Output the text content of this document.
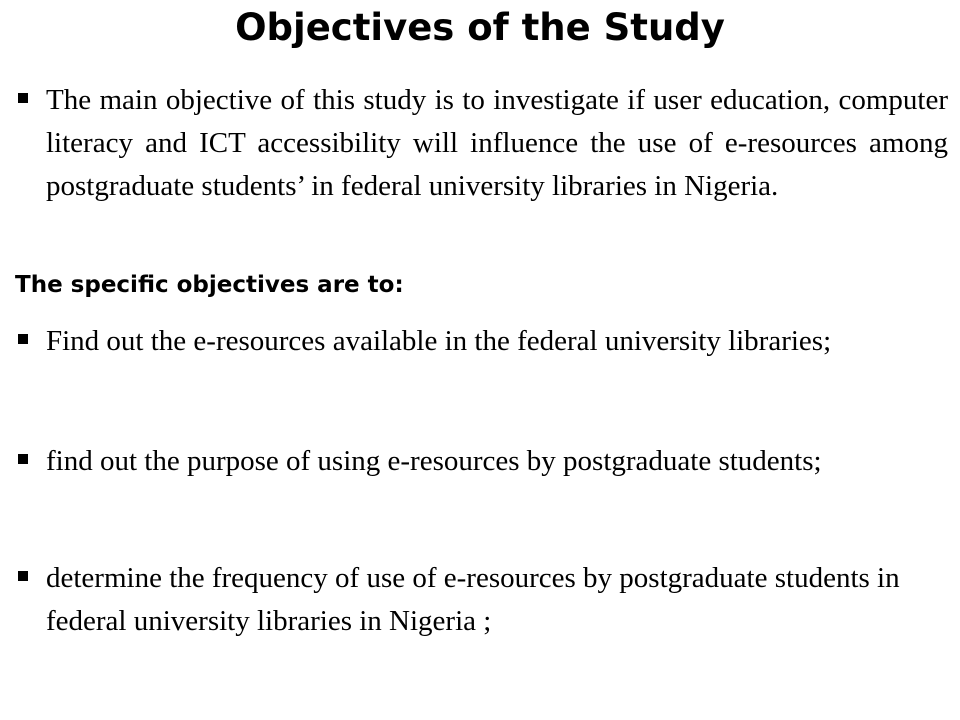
Objectives of the Study

The main objective of this study is to investigate if user education, computer literacy and ICT accessibility will influence the use of e-resources among postgraduate students’ in federal university libraries in Nigeria.

The specific objectives are to:

Find out the e-resources available in the federal university libraries;

find out the purpose of using e-resources by postgraduate students;

determine the frequency of use of e-resources by postgraduate students in federal university libraries in Nigeria ;
